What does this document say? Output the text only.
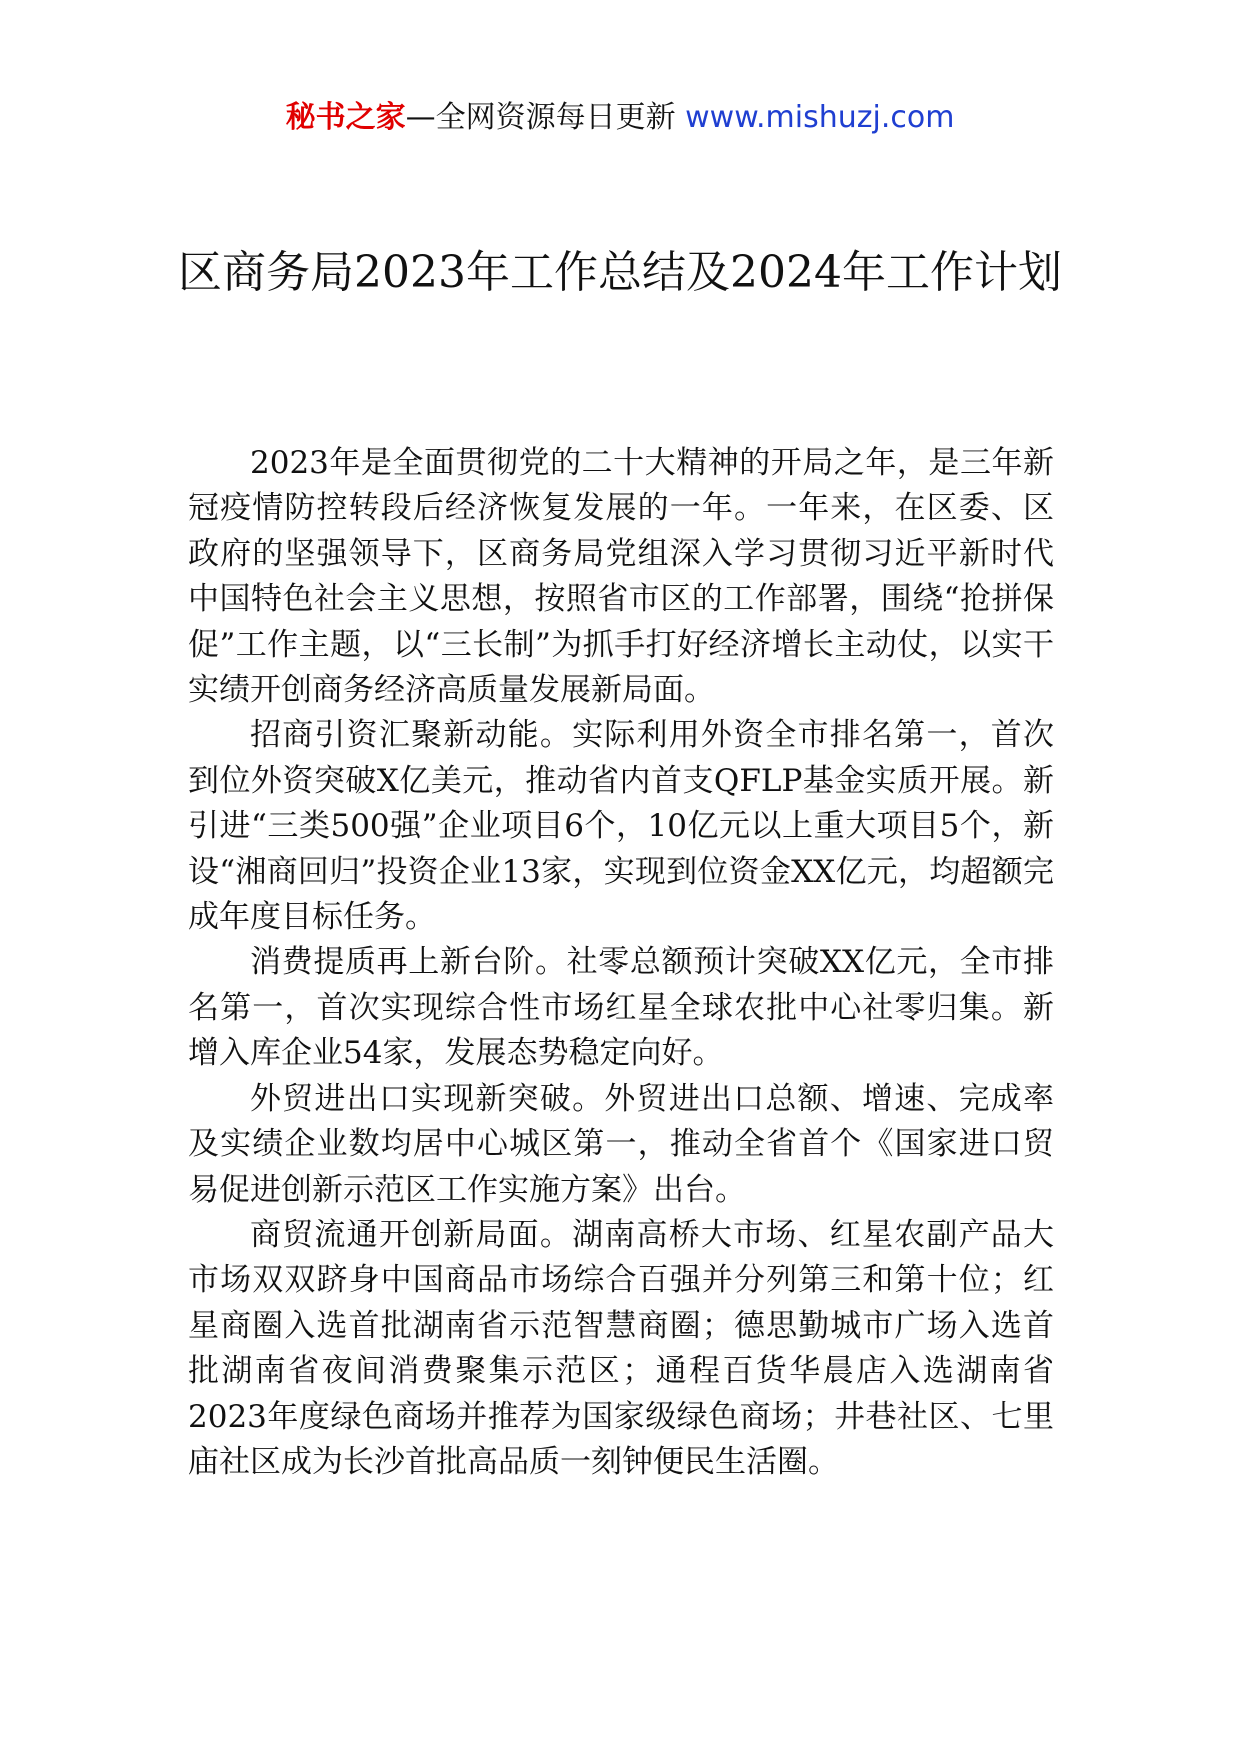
秘书之家—全网资源每日更新 www.mishuzj.com
区商务局2023年工作总结及2024年工作计划

2023年是全面贯彻党的二十大精神的开局之年，是三年新冠疫情防控转段后经济恢复发展的一年。一年来，在区委、区政府的坚强领导下，区商务局党组深入学习贯彻习近平新时代中国特色社会主义思想，按照省市区的工作部署，围绕“抢拼保促”工作主题，以“三长制”为抓手打好经济增长主动仗，以实干实绩开创商务经济高质量发展新局面。

招商引资汇聚新动能。实际利用外资全市排名第一，首次到位外资突破X亿美元，推动省内首支QFLP基金实质开展。新引进“三类500强”企业项目6个，10亿元以上重大项目5个，新设“湘商回归”投资企业13家，实现到位资金XX亿元，均超额完成年度目标任务。

消费提质再上新台阶。社零总额预计突破XX亿元，全市排名第一，首次实现综合性市场红星全球农批中心社零归集。新增入库企业54家，发展态势稳定向好。

外贸进出口实现新突破。外贸进出口总额、增速、完成率及实绩企业数均居中心城区第一，推动全省首个《国家进口贸易促进创新示范区工作实施方案》出台。

商贸流通开创新局面。湖南高桥大市场、红星农副产品大市场双双跻身中国商品市场综合百强并分列第三和第十位；红星商圈入选首批湖南省示范智慧商圈；德思勤城市广场入选首批湖南省夜间消费聚集示范区；通程百货华晨店入选湖南省2023年度绿色商场并推荐为国家级绿色商场；井巷社区、七里庙社区成为长沙首批高品质一刻钟便民生活圈。
